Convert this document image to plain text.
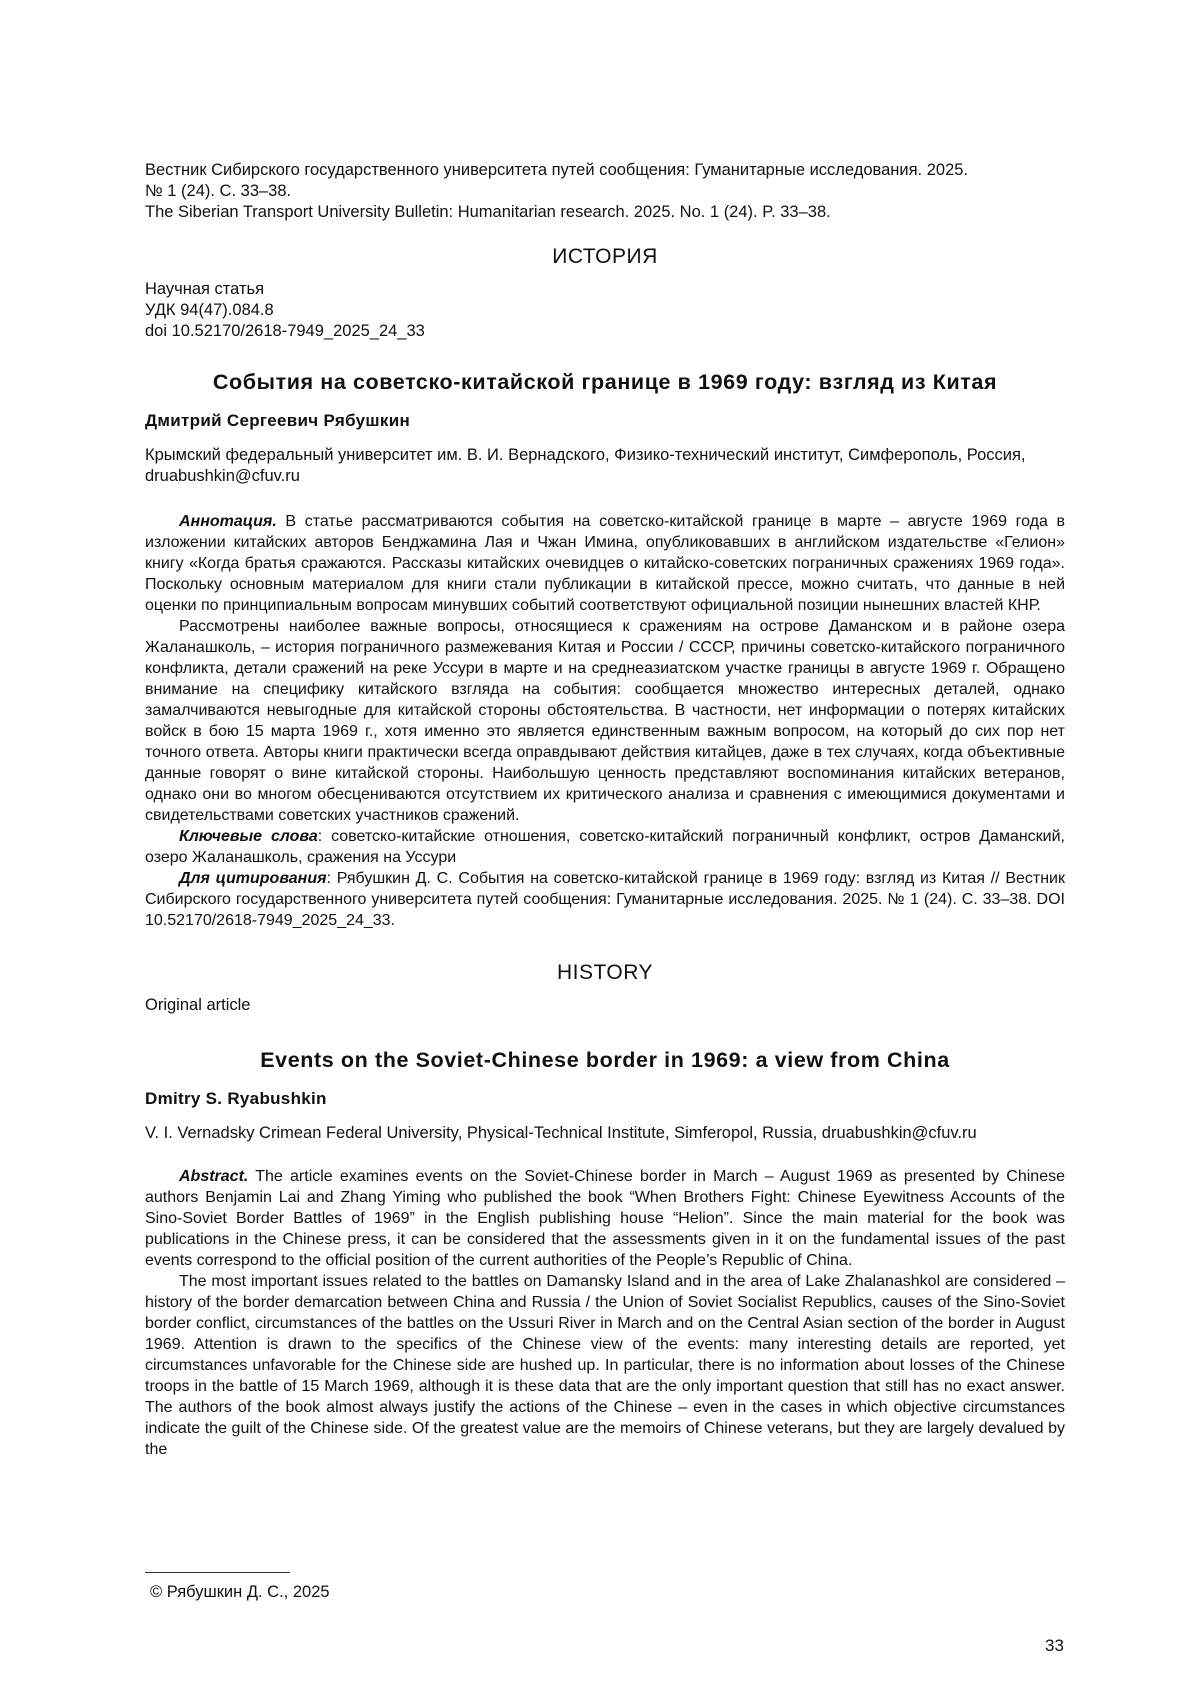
Вестник Сибирского государственного университета путей сообщения: Гуманитарные исследования. 2025.
№ 1 (24). С. 33–38.
The Siberian Transport University Bulletin: Humanitarian research. 2025. No. 1 (24). P. 33–38.
ИСТОРИЯ
Научная статья
УДК 94(47).084.8
doi 10.52170/2618-7949_2025_24_33
События на советско-китайской границе в 1969 году: взгляд из Китая
Дмитрий Сергеевич Рябушкин
Крымский федеральный университет им. В. И. Вернадского, Физико-технический институт, Симферополь, Россия, druabushkin@cfuv.ru

Аннотация. В статье рассматриваются события на советско-китайской границе в марте – августе 1969 года в изложении китайских авторов Бенджамина Лая и Чжан Имина, опубликовавших в английском издательстве «Гелион» книгу «Когда братья сражаются. Рассказы китайских очевидцев о китайско-советских пограничных сражениях 1969 года». Поскольку основным материалом для книги стали публикации в китайской прессе, можно считать, что данные в ней оценки по принципиальным вопросам минувших событий соответствуют официальной позиции нынешних властей КНР.

Рассмотрены наиболее важные вопросы, относящиеся к сражениям на острове Даманском и в районе озера Жаланашколь, – история пограничного размежевания Китая и России / СССР, причины советско-китайского пограничного конфликта, детали сражений на реке Уссури в марте и на среднеазиатском участке границы в августе 1969 г. Обращено внимание на специфику китайского взгляда на события: сообщается множество интересных деталей, однако замалчиваются невыгодные для китайской стороны обстоятельства. В частности, нет информации о потерях китайских войск в бою 15 марта 1969 г., хотя именно это является единственным важным вопросом, на который до сих пор нет точного ответа. Авторы книги практически всегда оправдывают действия китайцев, даже в тех случаях, когда объективные данные говорят о вине китайской стороны. Наибольшую ценность представляют воспоминания китайских ветеранов, однако они во многом обесцениваются отсутствием их критического анализа и сравнения с имеющимися документами и свидетельствами советских участников сражений.

Ключевые слова: советско-китайские отношения, советско-китайский пограничный конфликт, остров Даманский, озеро Жаланашколь, сражения на Уссури

Для цитирования: Рябушкин Д. С. События на советско-китайской границе в 1969 году: взгляд из Китая // Вестник Сибирского государственного университета путей сообщения: Гуманитарные исследования. 2025. № 1 (24). С. 33–38. DOI 10.52170/2618-7949_2025_24_33.

HISTORY
Original article
Events on the Soviet-Chinese border in 1969: a view from China
Dmitry S. Ryabushkin
V. I. Vernadsky Crimean Federal University, Physical-Technical Institute, Simferopol, Russia, druabushkin@cfuv.ru

Abstract. The article examines events on the Soviet-Chinese border in March – August 1969 as presented by Chinese authors Benjamin Lai and Zhang Yiming who published the book “When Brothers Fight: Chinese Eyewitness Accounts of the Sino-Soviet Border Battles of 1969” in the English publishing house “Helion”. Since the main material for the book was publications in the Chinese press, it can be considered that the assessments given in it on the fundamental issues of the past events correspond to the official position of the current authorities of the People’s Republic of China.

The most important issues related to the battles on Damansky Island and in the area of Lake Zhalanashkol are considered – history of the border demarcation between China and Russia / the Union of Soviet Socialist Republics, causes of the Sino-Soviet border conflict, circumstances of the battles on the Ussuri River in March and on the Central Asian section of the border in August 1969. Attention is drawn to the specifics of the Chinese view of the events: many interesting details are reported, yet circumstances unfavorable for the Chinese side are hushed up. In particular, there is no information about losses of the Chinese troops in the battle of 15 March 1969, although it is these data that are the only important question that still has no exact answer. The authors of the book almost always justify the actions of the Chinese – even in the cases in which objective circumstances indicate the guilt of the Chinese side. Of the greatest value are the memoirs of Chinese veterans, but they are largely devalued by the

© Рябушкин Д. С., 2025
33
